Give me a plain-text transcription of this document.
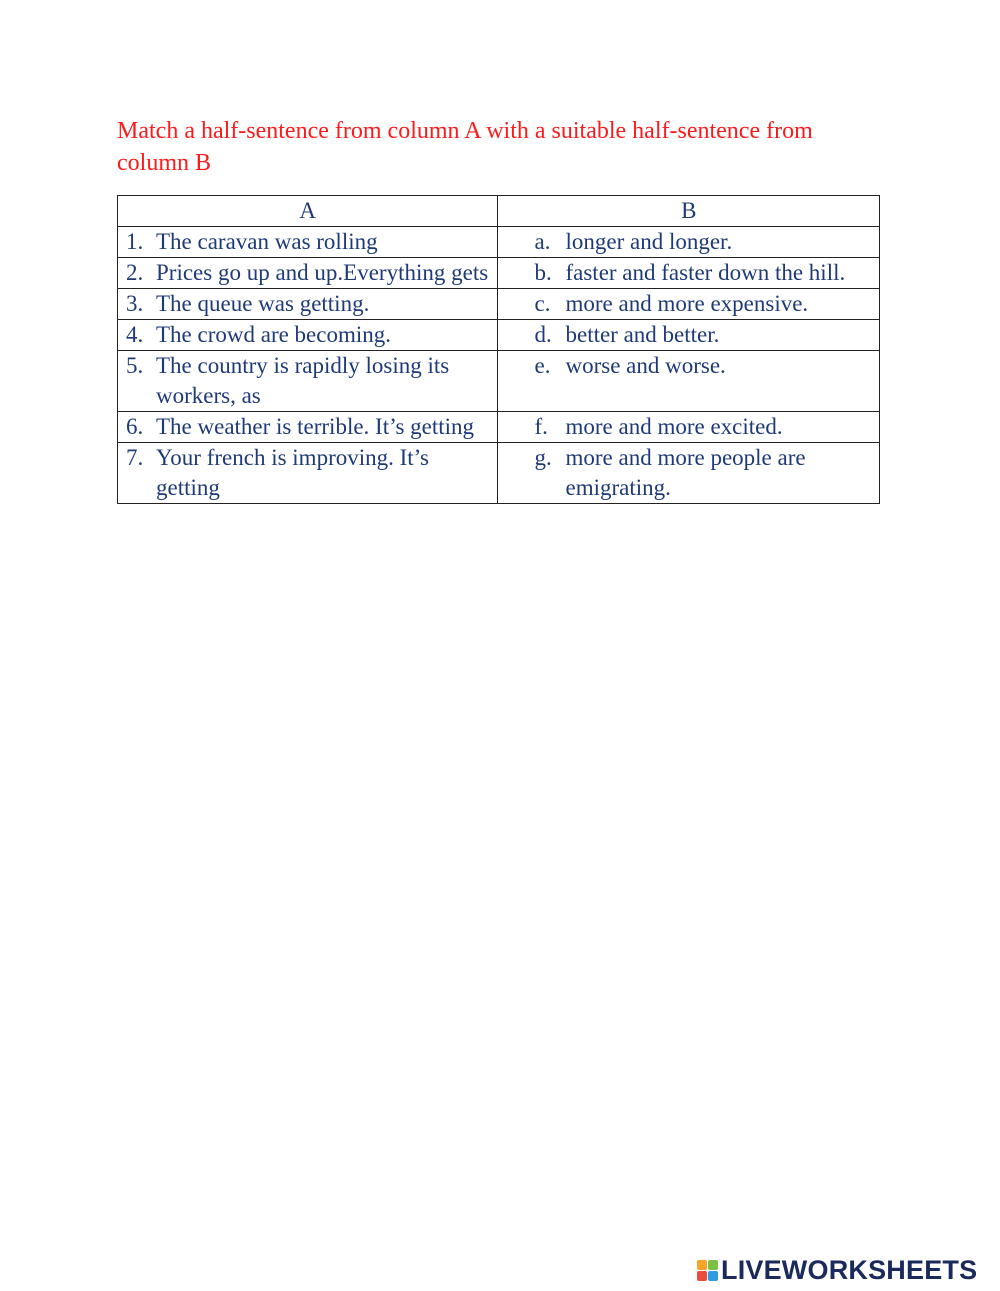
Match a half-sentence from column A with a suitable half-sentence from column B
A	B

1. The caravan was rolling	a. longer and longer.

2. Prices go up and up.Everything gets	b. faster and faster down the hill.

3. The queue was getting.	c. more and more expensive.

4. The crowd are becoming.	d. better and better.

5. The country is rapidly losing its workers, as	e. worse and worse.

6. The weather is terrible. It’s getting	f. more and more excited.

7. Your french is improving. It’s getting	g. more and more people are emigrating.
LIVEWORKSHEETS
